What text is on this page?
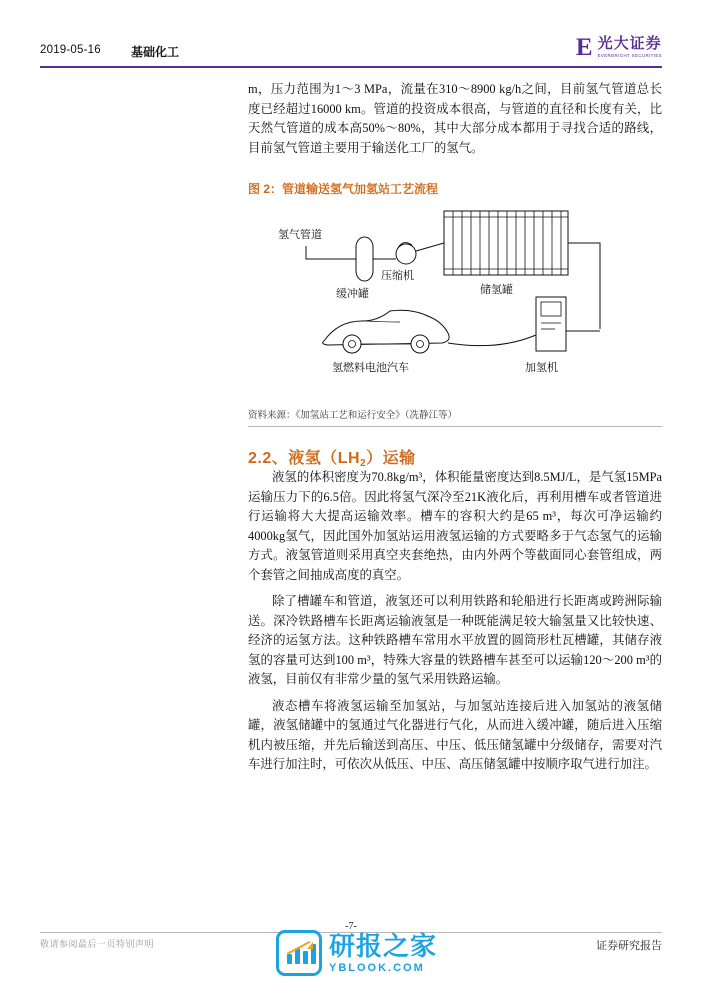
2019-05-16	基础化工	E 光大证券
EVERBRIGHT SECURITIES

m，压力范围为1～3 MPa，流量在310～8900 kg/h之间，目前氢气管道总长度已经超过16000 km。管道的投资成本很高，与管道的直径和长度有关，比天然气管道的成本高50%～80%，其中大部分成本都用于寻找合适的路线，目前氢气管道主要用于输送化工厂的氢气。

图 2：管道输送氢气加氢站工艺流程
氢气管道
缓冲罐
压缩机
储氢罐
氢燃料电池汽车	加氢机
资料来源：《加氢站工艺和运行安全》（冼静江等）
2.2、液氢$(LH_2)$运输

液氢的体积密度为70.8kg/m³，体积能量密度达到8.5MJ/L，是气氢15MPa运输压力下的6.5倍。因此将氢气深冷至21K液化后，再利用槽车或者管道进行运输将大大提高运输效率。槽车的容积大约是65 m³，每次可净运输约4000kg氢气，因此国外加氢站运用液氢运输的方式要略多于气态氢气的运输方式。液氢管道则采用真空夹套绝热，由内外两个等截面同心套管组成，两个套管之间抽成高度的真空。

除了槽罐车和管道，液氢还可以利用铁路和轮船进行长距离或跨洲际输送。深冷铁路槽车长距离运输液氢是一种既能满足较大输氢量又比较快速、经济的运氢方法。这种铁路槽车常用水平放置的圆筒形杜瓦槽罐，其储存液氢的容量可达到100 m³，特殊大容量的铁路槽车甚至可以运输120～200 m³的液氢，目前仅有非常少量的氢气采用铁路运输。

液态槽车将液氢运输至加氢站，与加氢站连接后进入加氢站的液氢储罐，液氢储罐中的氢通过气化器进行气化，从而进入缓冲罐，随后进入压缩机内被压缩，并先后输送到高压、中压、低压储氢罐中分级储存，需要对汽车进行加注时，可依次从低压、中压、高压储氢罐中按顺序取气进行加注。

-7-
敬请参阅最后一页特别声明	证券研究报告
研报之家
YBLOOK.COM
